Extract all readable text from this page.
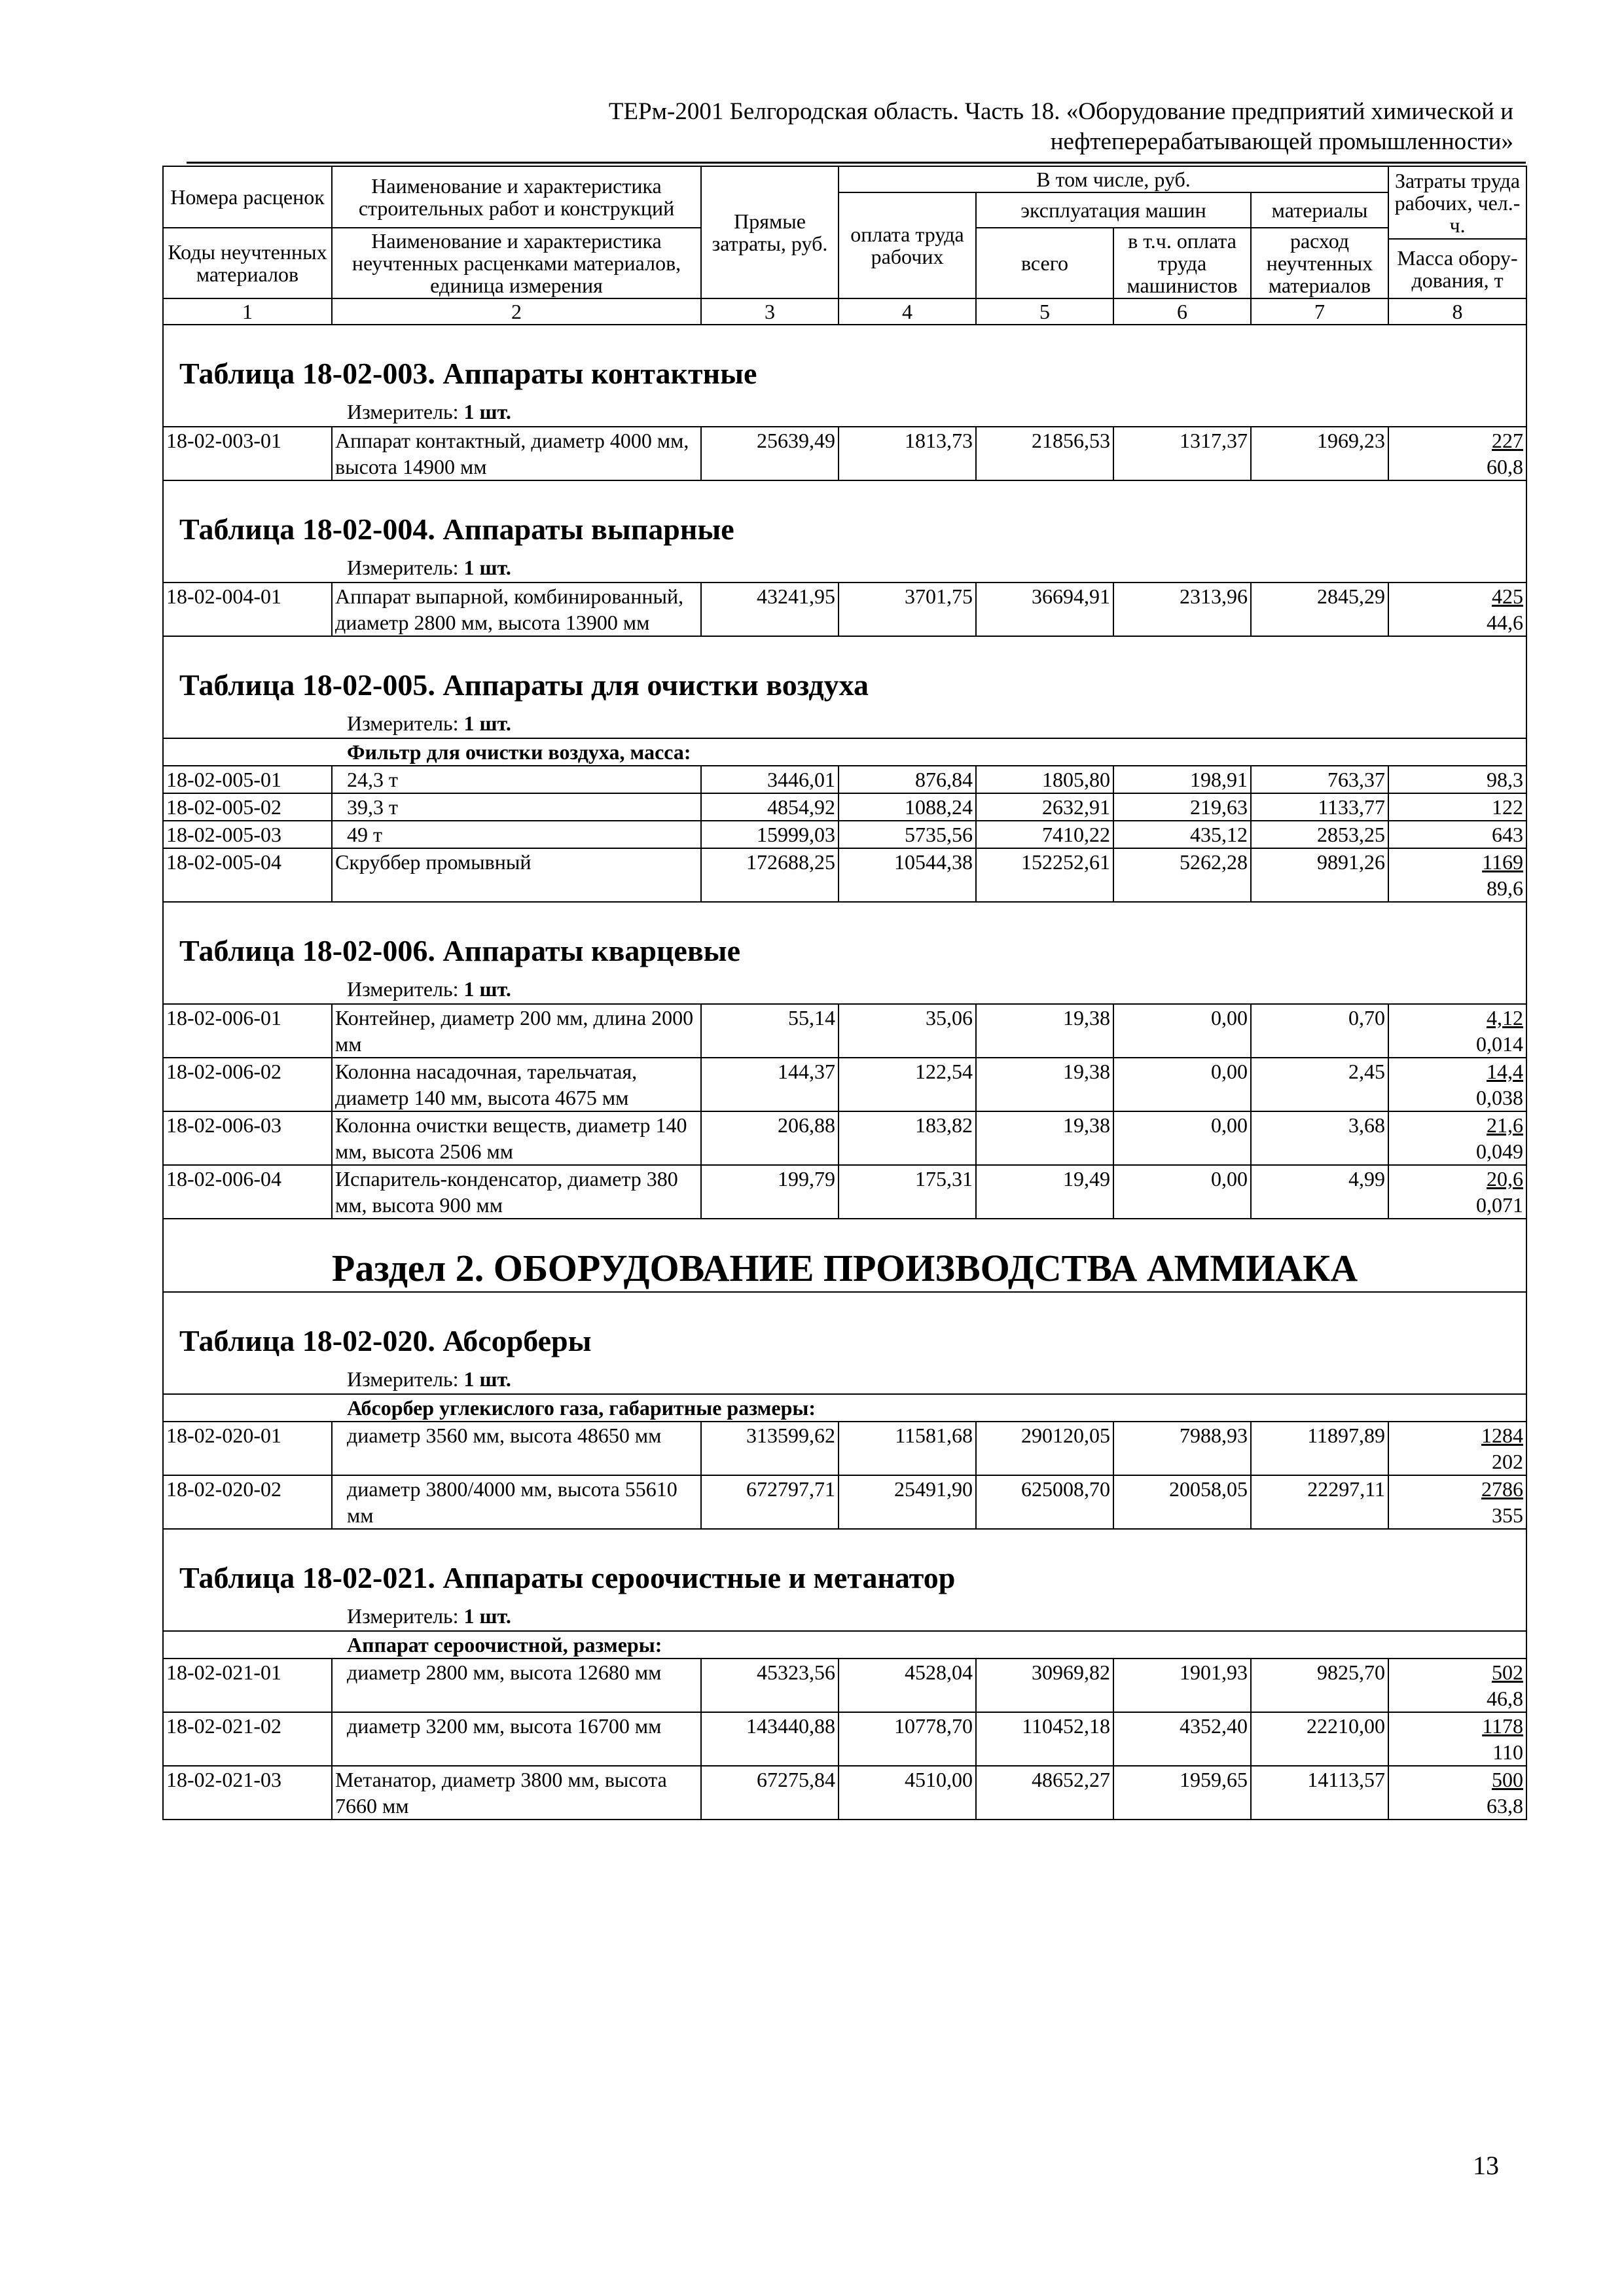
ТЕРм-2001 Белгородская область. Часть 18. «Оборудование предприятий химической и
нефтеперерабатывающей промышленности»
Номера расценок	Наименование и характеристика строительных работ и конструкций	Прямые затраты, руб.	В том числе, руб.				Затраты труда рабочих, чел.-ч.
			оплата труда рабочих	эксплуатация машин		материалы	
Коды неучтенных материалов	Наименование и характеристика неучтенных расценками материалов, единица измерения			всего	в т.ч. оплата труда машинистов	расход неучтенных материалов	
							Масса обору-дования, т
1	2	3	4	5	6	7	8
Таблица 18-02-003. Аппараты контактные							
Измеритель: 1 шт.							
18-02-003-01	Аппарат контактный, диаметр 4000 мм, высота 14900 мм	25639,49	1813,73	21856,53	1317,37	1969,23	227
60,8

Таблица 18-02-004. Аппараты выпарные							
Измеритель: 1 шт.							
18-02-004-01	Аппарат выпарной, комбинированный, диаметр 2800 мм, высота 13900 мм	43241,95	3701,75	36694,91	2313,96	2845,29	425
44,6

Таблица 18-02-005. Аппараты для очистки воздуха							
Измеритель: 1 шт.							
Фильтр для очистки воздуха, масса:							
18-02-005-01	24,3 т	3446,01	876,84	1805,80	198,91	763,37	98,3

18-02-005-02	39,3 т	4854,92	1088,24	2632,91	219,63	1133,77	122

18-02-005-03	49 т	15999,03	5735,56	7410,22	435,12	2853,25	643

18-02-005-04	Скруббер промывный	172688,25	10544,38	152252,61	5262,28	9891,26	1169
89,6

Таблица 18-02-006. Аппараты кварцевые							
Измеритель: 1 шт.							
18-02-006-01	Контейнер, диаметр 200 мм, длина 2000 мм	55,14	35,06	19,38	0,00	0,70	4,12
0,014

18-02-006-02	Колонна насадочная, тарельчатая, диаметр 140 мм, высота 4675 мм	144,37	122,54	19,38	0,00	2,45	14,4
0,038

18-02-006-03	Колонна очистки веществ, диаметр 140 мм, высота 2506 мм	206,88	183,82	19,38	0,00	3,68	21,6
0,049

18-02-006-04	Испаритель-конденсатор, диаметр 380 мм, высота 900 мм	199,79	175,31	19,49	0,00	4,99	20,6
0,071

Раздел 2. ОБОРУДОВАНИЕ ПРОИЗВОДСТВА АММИАКА							
Таблица 18-02-020. Абсорберы							
Измеритель: 1 шт.							
Абсорбер углекислого газа, габаритные размеры:							
18-02-020-01	диаметр 3560 мм, высота 48650 мм	313599,62	11581,68	290120,05	7988,93	11897,89	1284
202

18-02-020-02	диаметр 3800/4000 мм, высота 55610 мм	672797,71	25491,90	625008,70	20058,05	22297,11	2786
355

Таблица 18-02-021. Аппараты сероочистные и метанатор							
Измеритель: 1 шт.							
Аппарат сероочистной, размеры:							
18-02-021-01	диаметр 2800 мм, высота 12680 мм	45323,56	4528,04	30969,82	1901,93	9825,70	502
46,8

18-02-021-02	диаметр 3200 мм, высота 16700 мм	143440,88	10778,70	110452,18	4352,40	22210,00	1178
110

18-02-021-03	Метанатор, диаметр 3800 мм, высота 7660 мм	67275,84	4510,00	48652,27	1959,65	14113,57	500
63,8
13
